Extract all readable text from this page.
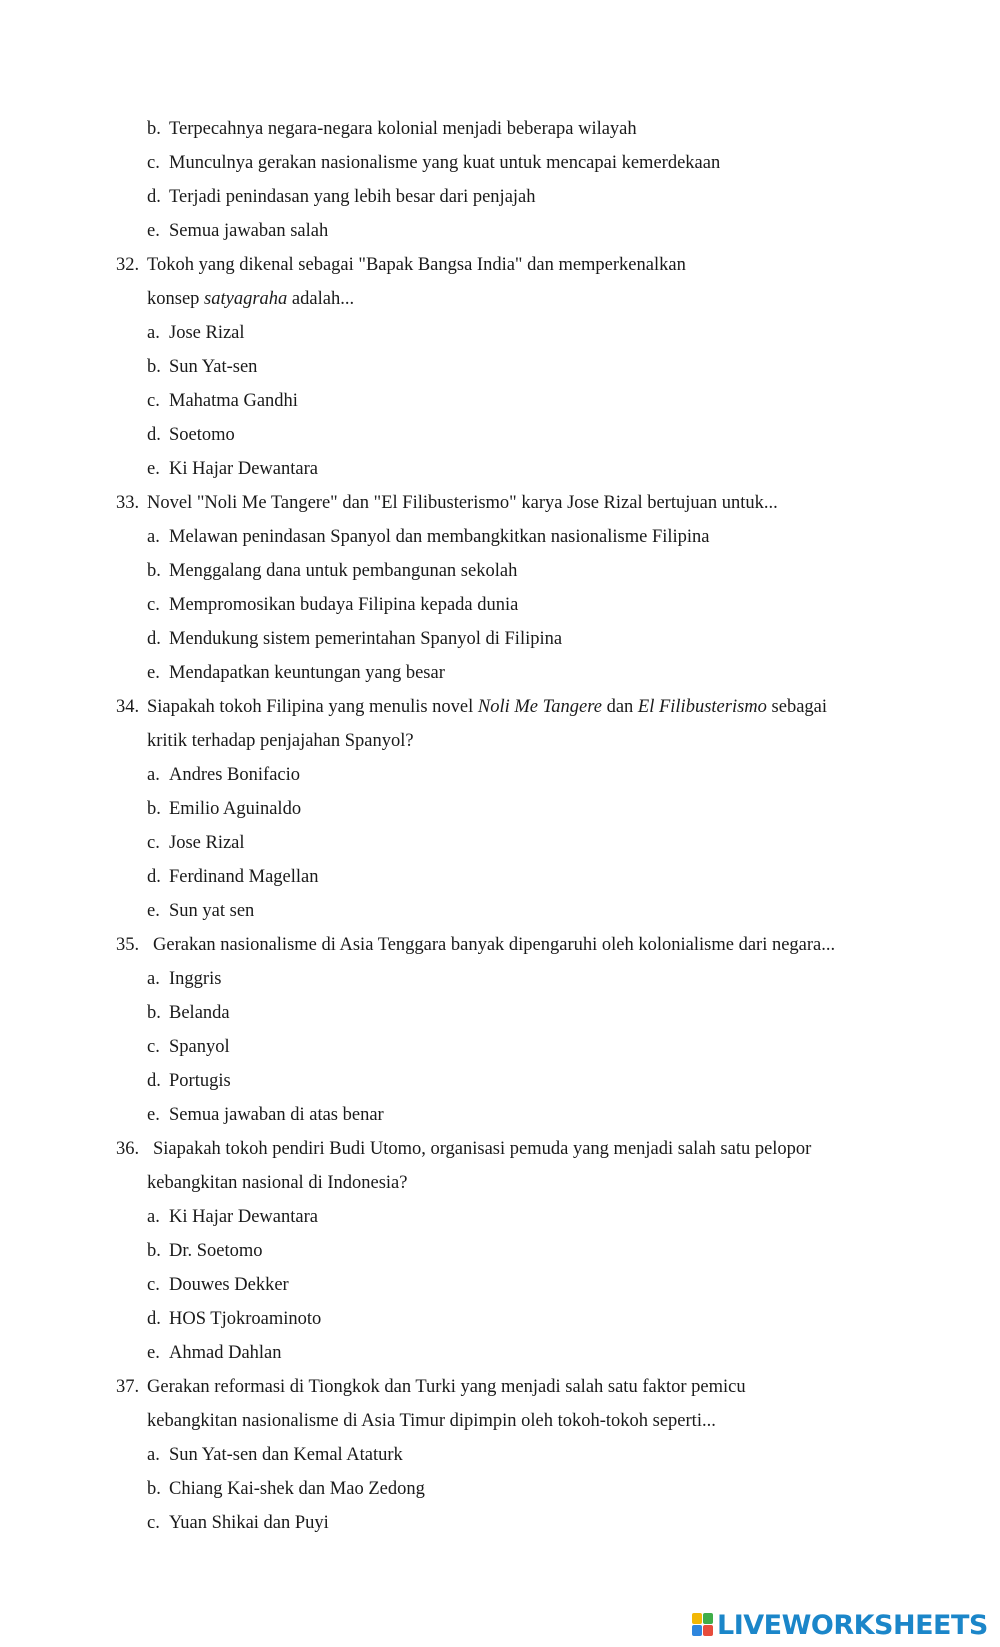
b. Terpecahnya negara-negara kolonial menjadi beberapa wilayah
c. Munculnya gerakan nasionalisme yang kuat untuk mencapai kemerdekaan
d. Terjadi penindasan yang lebih besar dari penjajah
e. Semua jawaban salah
32. Tokoh yang dikenal sebagai "Bapak Bangsa India" dan memperkenalkan
konsep satyagraha adalah...
a. Jose Rizal
b. Sun Yat-sen
c. Mahatma Gandhi
d. Soetomo
e. Ki Hajar Dewantara
33. Novel "Noli Me Tangere" dan "El Filibusterismo" karya Jose Rizal bertujuan untuk...
a. Melawan penindasan Spanyol dan membangkitkan nasionalisme Filipina
b. Menggalang dana untuk pembangunan sekolah
c. Mempromosikan budaya Filipina kepada dunia
d. Mendukung sistem pemerintahan Spanyol di Filipina
e. Mendapatkan keuntungan yang besar
34. Siapakah tokoh Filipina yang menulis novel Noli Me Tangere dan El Filibusterismo sebagai
kritik terhadap penjajahan Spanyol?
a. Andres Bonifacio
b. Emilio Aguinaldo
c. Jose Rizal
d. Ferdinand Magellan
e. Sun yat sen
35. Gerakan nasionalisme di Asia Tenggara banyak dipengaruhi oleh kolonialisme dari negara...
a. Inggris
b. Belanda
c. Spanyol
d. Portugis
e. Semua jawaban di atas benar
36. Siapakah tokoh pendiri Budi Utomo, organisasi pemuda yang menjadi salah satu pelopor
kebangkitan nasional di Indonesia?
a. Ki Hajar Dewantara
b. Dr. Soetomo
c. Douwes Dekker
d. HOS Tjokroaminoto
e. Ahmad Dahlan
37. Gerakan reformasi di Tiongkok dan Turki yang menjadi salah satu faktor pemicu
kebangkitan nasionalisme di Asia Timur dipimpin oleh tokoh-tokoh seperti...
a. Sun Yat-sen dan Kemal Ataturk
b. Chiang Kai-shek dan Mao Zedong
c. Yuan Shikai dan Puyi
LIVEWORKSHEETS
